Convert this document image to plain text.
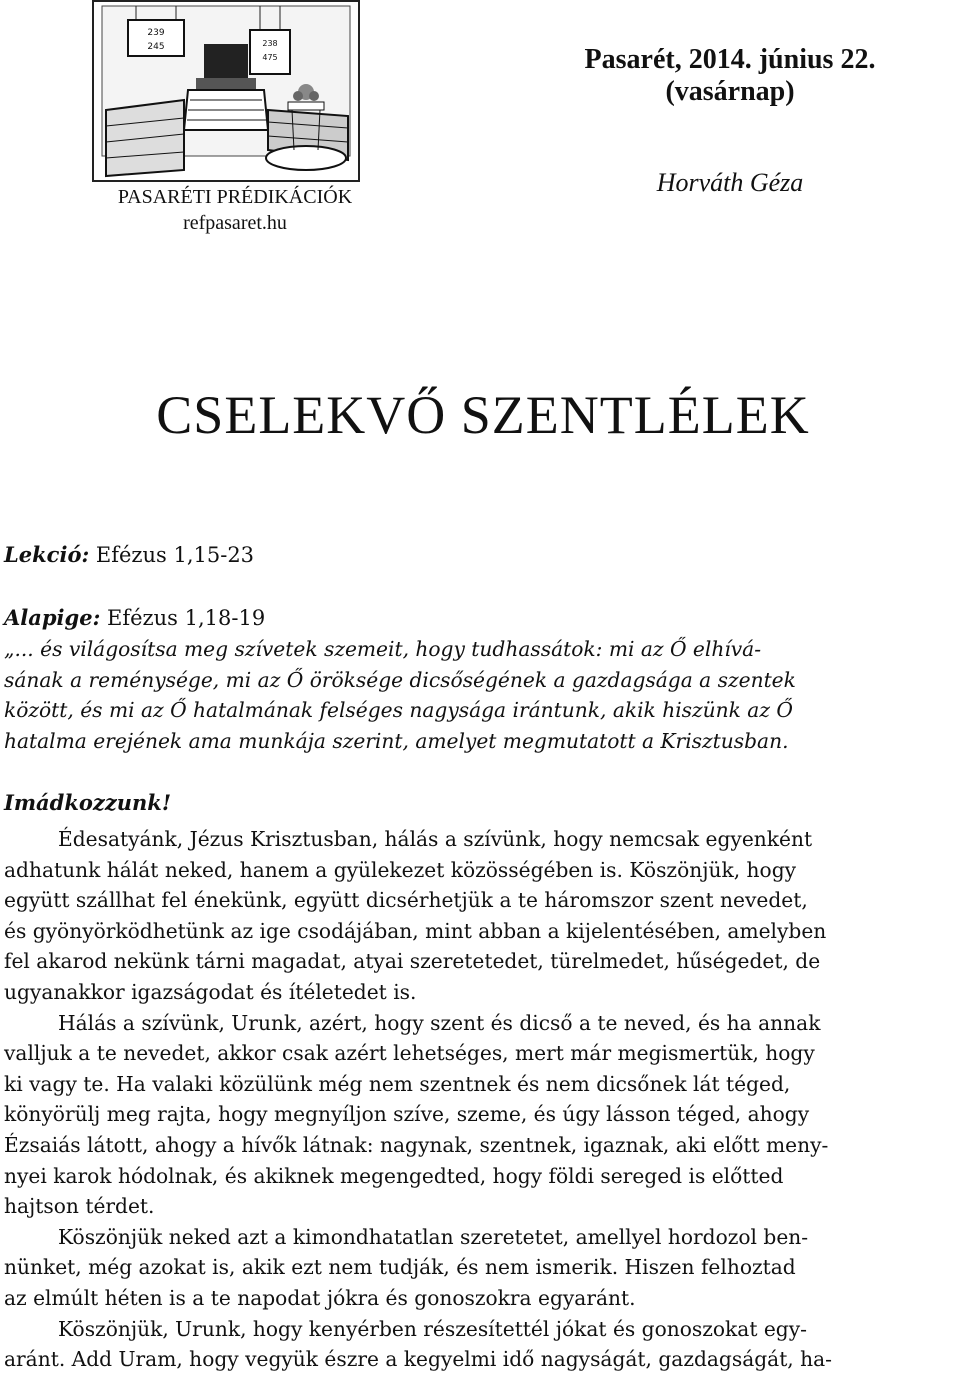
239
245	238
475
PASARÉTI PRÉDIKÁCIÓK
refpasaret.hu
Pasarét, 2014. június 22.
(vasárnap)
Horváth Géza
CSELEKVŐ SZENTLÉLEK
Lekció: Efézus 1,15-23
Alapige: Efézus 1,18-19
„... és világosítsa meg szívetek szemeit, hogy tudhassátok: mi az Ő elhívá-
sának a reménysége, mi az Ő öröksége dicsőségének a gazdagsága a szentek
között, és mi az Ő hatalmának felséges nagysága irántunk, akik hiszünk az Ő
hatalma erejének ama munkája szerint, amelyet megmutatott a Krisztusban.
Imádkozzunk!
Édesatyánk, Jézus Krisztusban, hálás a szívünk, hogy nemcsak egyenként
adhatunk hálát neked, hanem a gyülekezet közösségében is. Köszönjük, hogy
együtt szállhat fel énekünk, együtt dicsérhetjük a te háromszor szent nevedet,
és gyönyörködhetünk az ige csodájában, mint abban a kijelentésében, amelyben
fel akarod nekünk tárni magadat, atyai szeretetedet, türelmedet, hűségedet, de
ugyanakkor igazságodat és ítéletedet is.
Hálás a szívünk, Urunk, azért, hogy szent és dicső a te neved, és ha annak
valljuk a te nevedet, akkor csak azért lehetséges, mert már megismertük, hogy
ki vagy te. Ha valaki közülünk még nem szentnek és nem dicsőnek lát téged,
könyörülj meg rajta, hogy megnyíljon szíve, szeme, és úgy lásson téged, ahogy
Ézsaiás látott, ahogy a hívők látnak: nagynak, szentnek, igaznak, aki előtt meny-
nyei karok hódolnak, és akiknek megengedted, hogy földi sereged is előtted
hajtson térdet.
Köszönjük neked azt a kimondhatatlan szeretetet, amellyel hordozol ben-
nünket, még azokat is, akik ezt nem tudják, és nem ismerik. Hiszen felhoztad
az elmúlt héten is a te napodat jókra és gonoszokra egyaránt.
Köszönjük, Urunk, hogy kenyérben részesítettél jókat és gonoszokat egy-
aránt. Add Uram, hogy vegyük észre a kegyelmi idő nagyságát, gazdagságát, ha-
